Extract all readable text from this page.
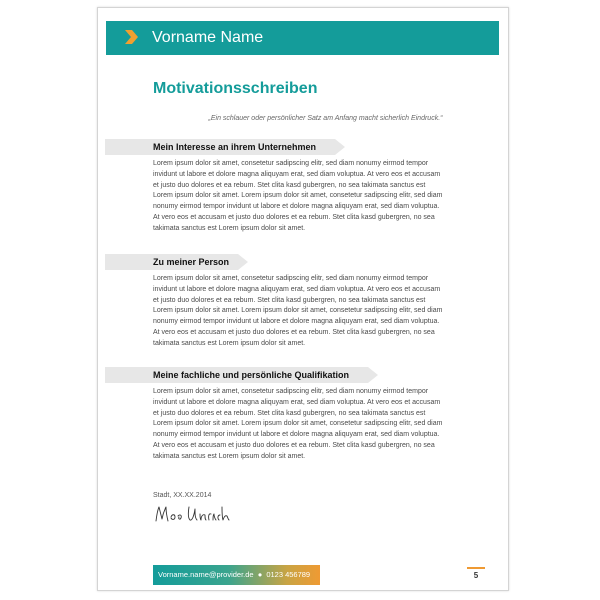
Vorname Name
Motivationsschreiben
„Ein schlauer oder persönlicher Satz am Anfang macht sicherlich Eindruck.“
Mein Interesse an ihrem Unternehmen

Lorem ipsum dolor sit amet, consetetur sadipscing elitr, sed diam nonumy eirmod tempor invidunt ut labore et dolore magna aliquyam erat, sed diam voluptua. At vero eos et accusam et justo duo dolores et ea rebum. Stet clita kasd gubergren, no sea takimata sanctus est Lorem ipsum dolor sit amet. Lorem ipsum dolor sit amet, consetetur sadipscing elitr, sed diam nonumy eirmod tempor invidunt ut labore et dolore magna aliquyam erat, sed diam voluptua. At vero eos et accusam et justo duo dolores et ea rebum. Stet clita kasd gubergren, no sea takimata sanctus est Lorem ipsum dolor sit amet.

Zu meiner Person

Lorem ipsum dolor sit amet, consetetur sadipscing elitr, sed diam nonumy eirmod tempor invidunt ut labore et dolore magna aliquyam erat, sed diam voluptua. At vero eos et accusam et justo duo dolores et ea rebum. Stet clita kasd gubergren, no sea takimata sanctus est Lorem ipsum dolor sit amet. Lorem ipsum dolor sit amet, consetetur sadipscing elitr, sed diam nonumy eirmod tempor invidunt ut labore et dolore magna aliquyam erat, sed diam voluptua. At vero eos et accusam et justo duo dolores et ea rebum. Stet clita kasd gubergren, no sea takimata sanctus est Lorem ipsum dolor sit amet.

Meine fachliche und persönliche Qualifikation

Lorem ipsum dolor sit amet, consetetur sadipscing elitr, sed diam nonumy eirmod tempor invidunt ut labore et dolore magna aliquyam erat, sed diam voluptua. At vero eos et accusam et justo duo dolores et ea rebum. Stet clita kasd gubergren, no sea takimata sanctus est Lorem ipsum dolor sit amet. Lorem ipsum dolor sit amet, consetetur sadipscing elitr, sed diam nonumy eirmod tempor invidunt ut labore et dolore magna aliquyam erat, sed diam voluptua. At vero eos et accusam et justo duo dolores et ea rebum. Stet clita kasd gubergren, no sea takimata sanctus est Lorem ipsum dolor sit amet.

Stadt, XX.XX.2014
Vorname.name@provider.de ● 0123 456789	5
